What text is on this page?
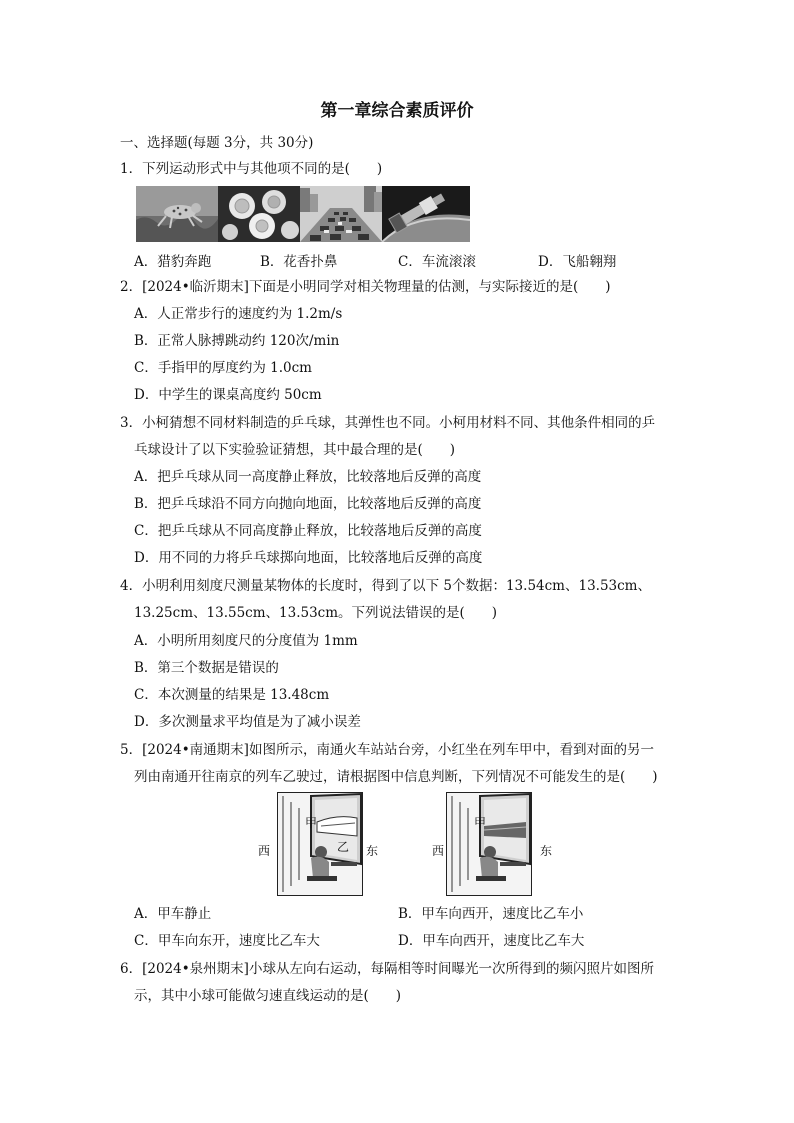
第一章综合素质评价
一、选择题(每题 3分，共 30分)
1．下列运动形式中与其他项不同的是(　　)
A．猎豹奔跑	B．花香扑鼻	C．车流滚滚	D．飞船翱翔
2．[2024•临沂期末]下面是小明同学对相关物理量的估测，与实际接近的是(　　)
A．人正常步行的速度约为 1.2m/s
B．正常人脉搏跳动约 120次/min
C．手指甲的厚度约为 1.0cm
D．中学生的课桌高度约 50cm
3．小柯猜想不同材料制造的乒乓球，其弹性也不同。小柯用材料不同、其他条件相同的乒
乓球设计了以下实验验证猜想，其中最合理的是(　　)
A．把乒乓球从同一高度静止释放，比较落地后反弹的高度
B．把乒乓球沿不同方向抛向地面，比较落地后反弹的高度
C．把乒乓球从不同高度静止释放，比较落地后反弹的高度
D．用不同的力将乒乓球掷向地面，比较落地后反弹的高度
4．小明利用刻度尺测量某物体的长度时，得到了以下 5个数据：13.54cm、13.53cm、
13.25cm、13.55cm、13.53cm。下列说法错误的是(　　)
A．小明所用刻度尺的分度值为 1mm
B．第三个数据是错误的
C．本次测量的结果是 13.48cm
D．多次测量求平均值是为了减小误差
5．[2024•南通期末]如图所示，南通火车站站台旁，小红坐在列车甲中，看到对面的另一
列由南通开往南京的列车乙驶过，请根据图中信息判断，下列情况不可能发生的是(　　)
西
甲
乙 东	西
甲
东
A．甲车静止	B．甲车向西开，速度比乙车小
C．甲车向东开，速度比乙车大	D．甲车向西开，速度比乙车大
6．[2024•泉州期末]小球从左向右运动，每隔相等时间曝光一次所得到的频闪照片如图所
示，其中小球可能做匀速直线运动的是(　　)
